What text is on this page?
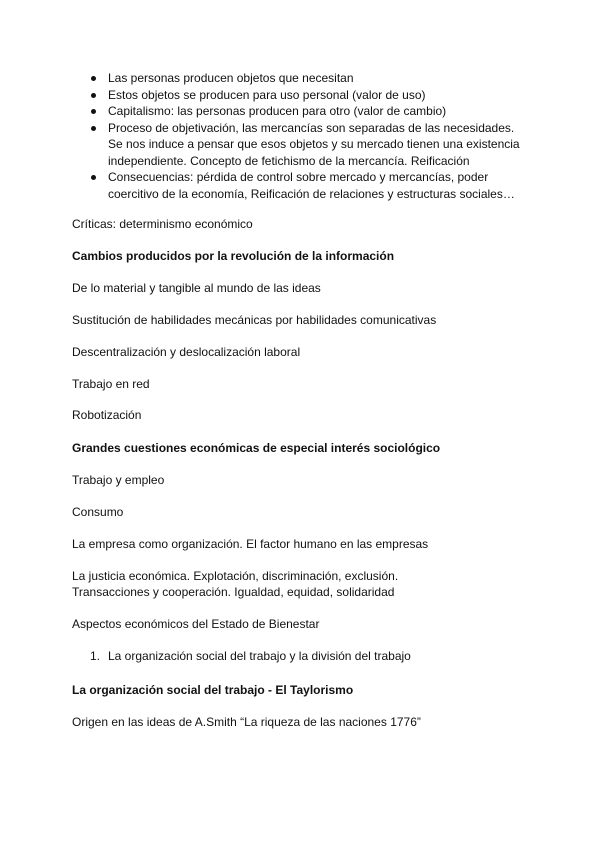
Las personas producen objetos que necesitan
Estos objetos se producen para uso personal (valor de uso)
Capitalismo: las personas producen para otro (valor de cambio)
Proceso de objetivación, las mercancías son separadas de las necesidades. Se nos induce a pensar que esos objetos y su mercado tienen una existencia independiente. Concepto de fetichismo de la mercancía. Reificación
Consecuencias: pérdida de control sobre mercado y mercancías, poder coercitivo de la economía, Reificación de relaciones y estructuras sociales…

Críticas: determinismo económico

Cambios producidos por la revolución de la información

De lo material y tangible al mundo de las ideas

Sustitución de habilidades mecánicas por habilidades comunicativas

Descentralización y deslocalización laboral

Trabajo en red

Robotización

Grandes cuestiones económicas de especial interés sociológico

Trabajo y empleo

Consumo

La empresa como organización. El factor humano en las empresas

La justicia económica. Explotación, discriminación, exclusión.

Transacciones y cooperación. Igualdad, equidad, solidaridad

Aspectos económicos del Estado de Bienestar

1. La organización social del trabajo y la división del trabajo

La organización social del trabajo - El Taylorismo

Origen en las ideas de A.Smith “La riqueza de las naciones 1776”
